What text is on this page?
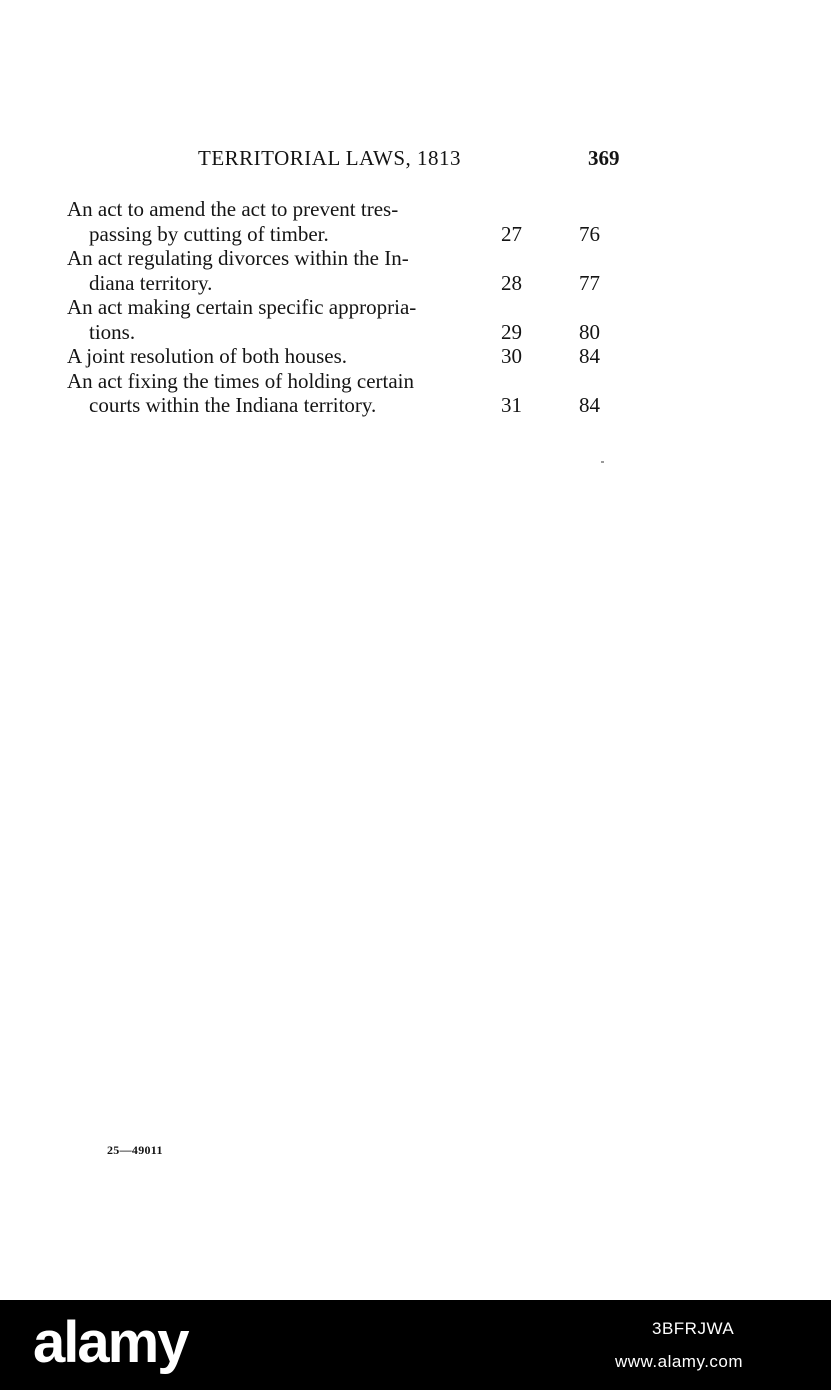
TERRITORIAL LAWS, 1813	369
An act to amend the act to prevent tres-
passing by cutting of timber.	27	76
An act regulating divorces within the In-
diana territory.	28	77
An act making certain specific appropria-
tions.	29	80
A joint resolution of both houses.	30	84
An act fixing the times of holding certain
courts within the Indiana territory.	31	84
25—49011
alamy	3BFRJWA
www.alamy.com
